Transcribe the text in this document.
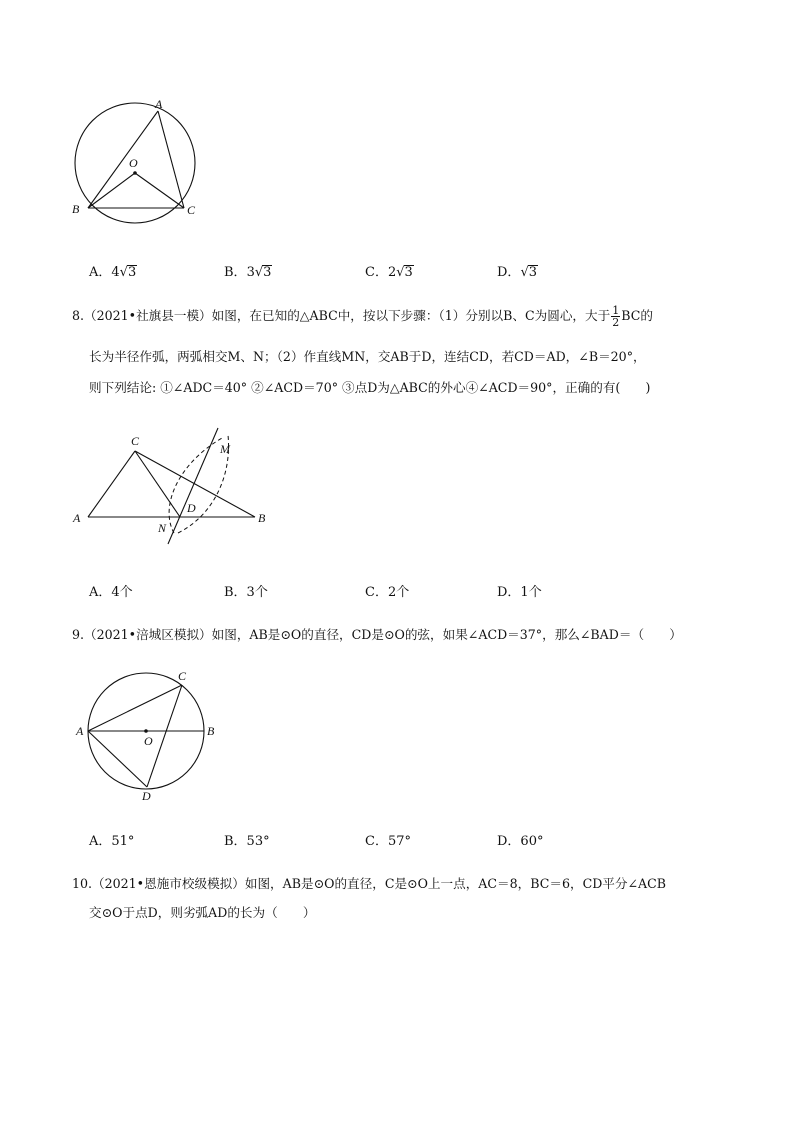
A
O
B	C
A．4√3	B．3√3	C．2√3	D．√3
8.（2021•社旗县一模）如图，在已知的△ABC中，按以下步骤：（1）分别以B、C为圆心，大于 $\frac{1}{2}$ BC的
长为半径作弧，两弧相交M、N；（2）作直线MN，交AB于D，连结CD，若CD＝AD，∠B＝20°，
则下列结论: ①∠ADC＝40° ②∠ACD＝70° ③点D为△ABC的外心④∠ACD＝90°，正确的有(　　)
C
M
A
D
B
N
A．4个	B．3个	C．2个	D．1个
9.（2021•涪城区模拟）如图，AB是⊙O的直径，CD是⊙O的弦，如果∠ACD＝37°，那么∠BAD＝（　　）
C
A
O
B
D
A．51°	B．53°	C．57°	D．60°
10.（2021•恩施市校级模拟）如图，AB是⊙O的直径，C是⊙O上一点，AC＝8，BC＝6，CD平分∠ACB
交⊙O于点D，则劣弧AD的长为（　　）
